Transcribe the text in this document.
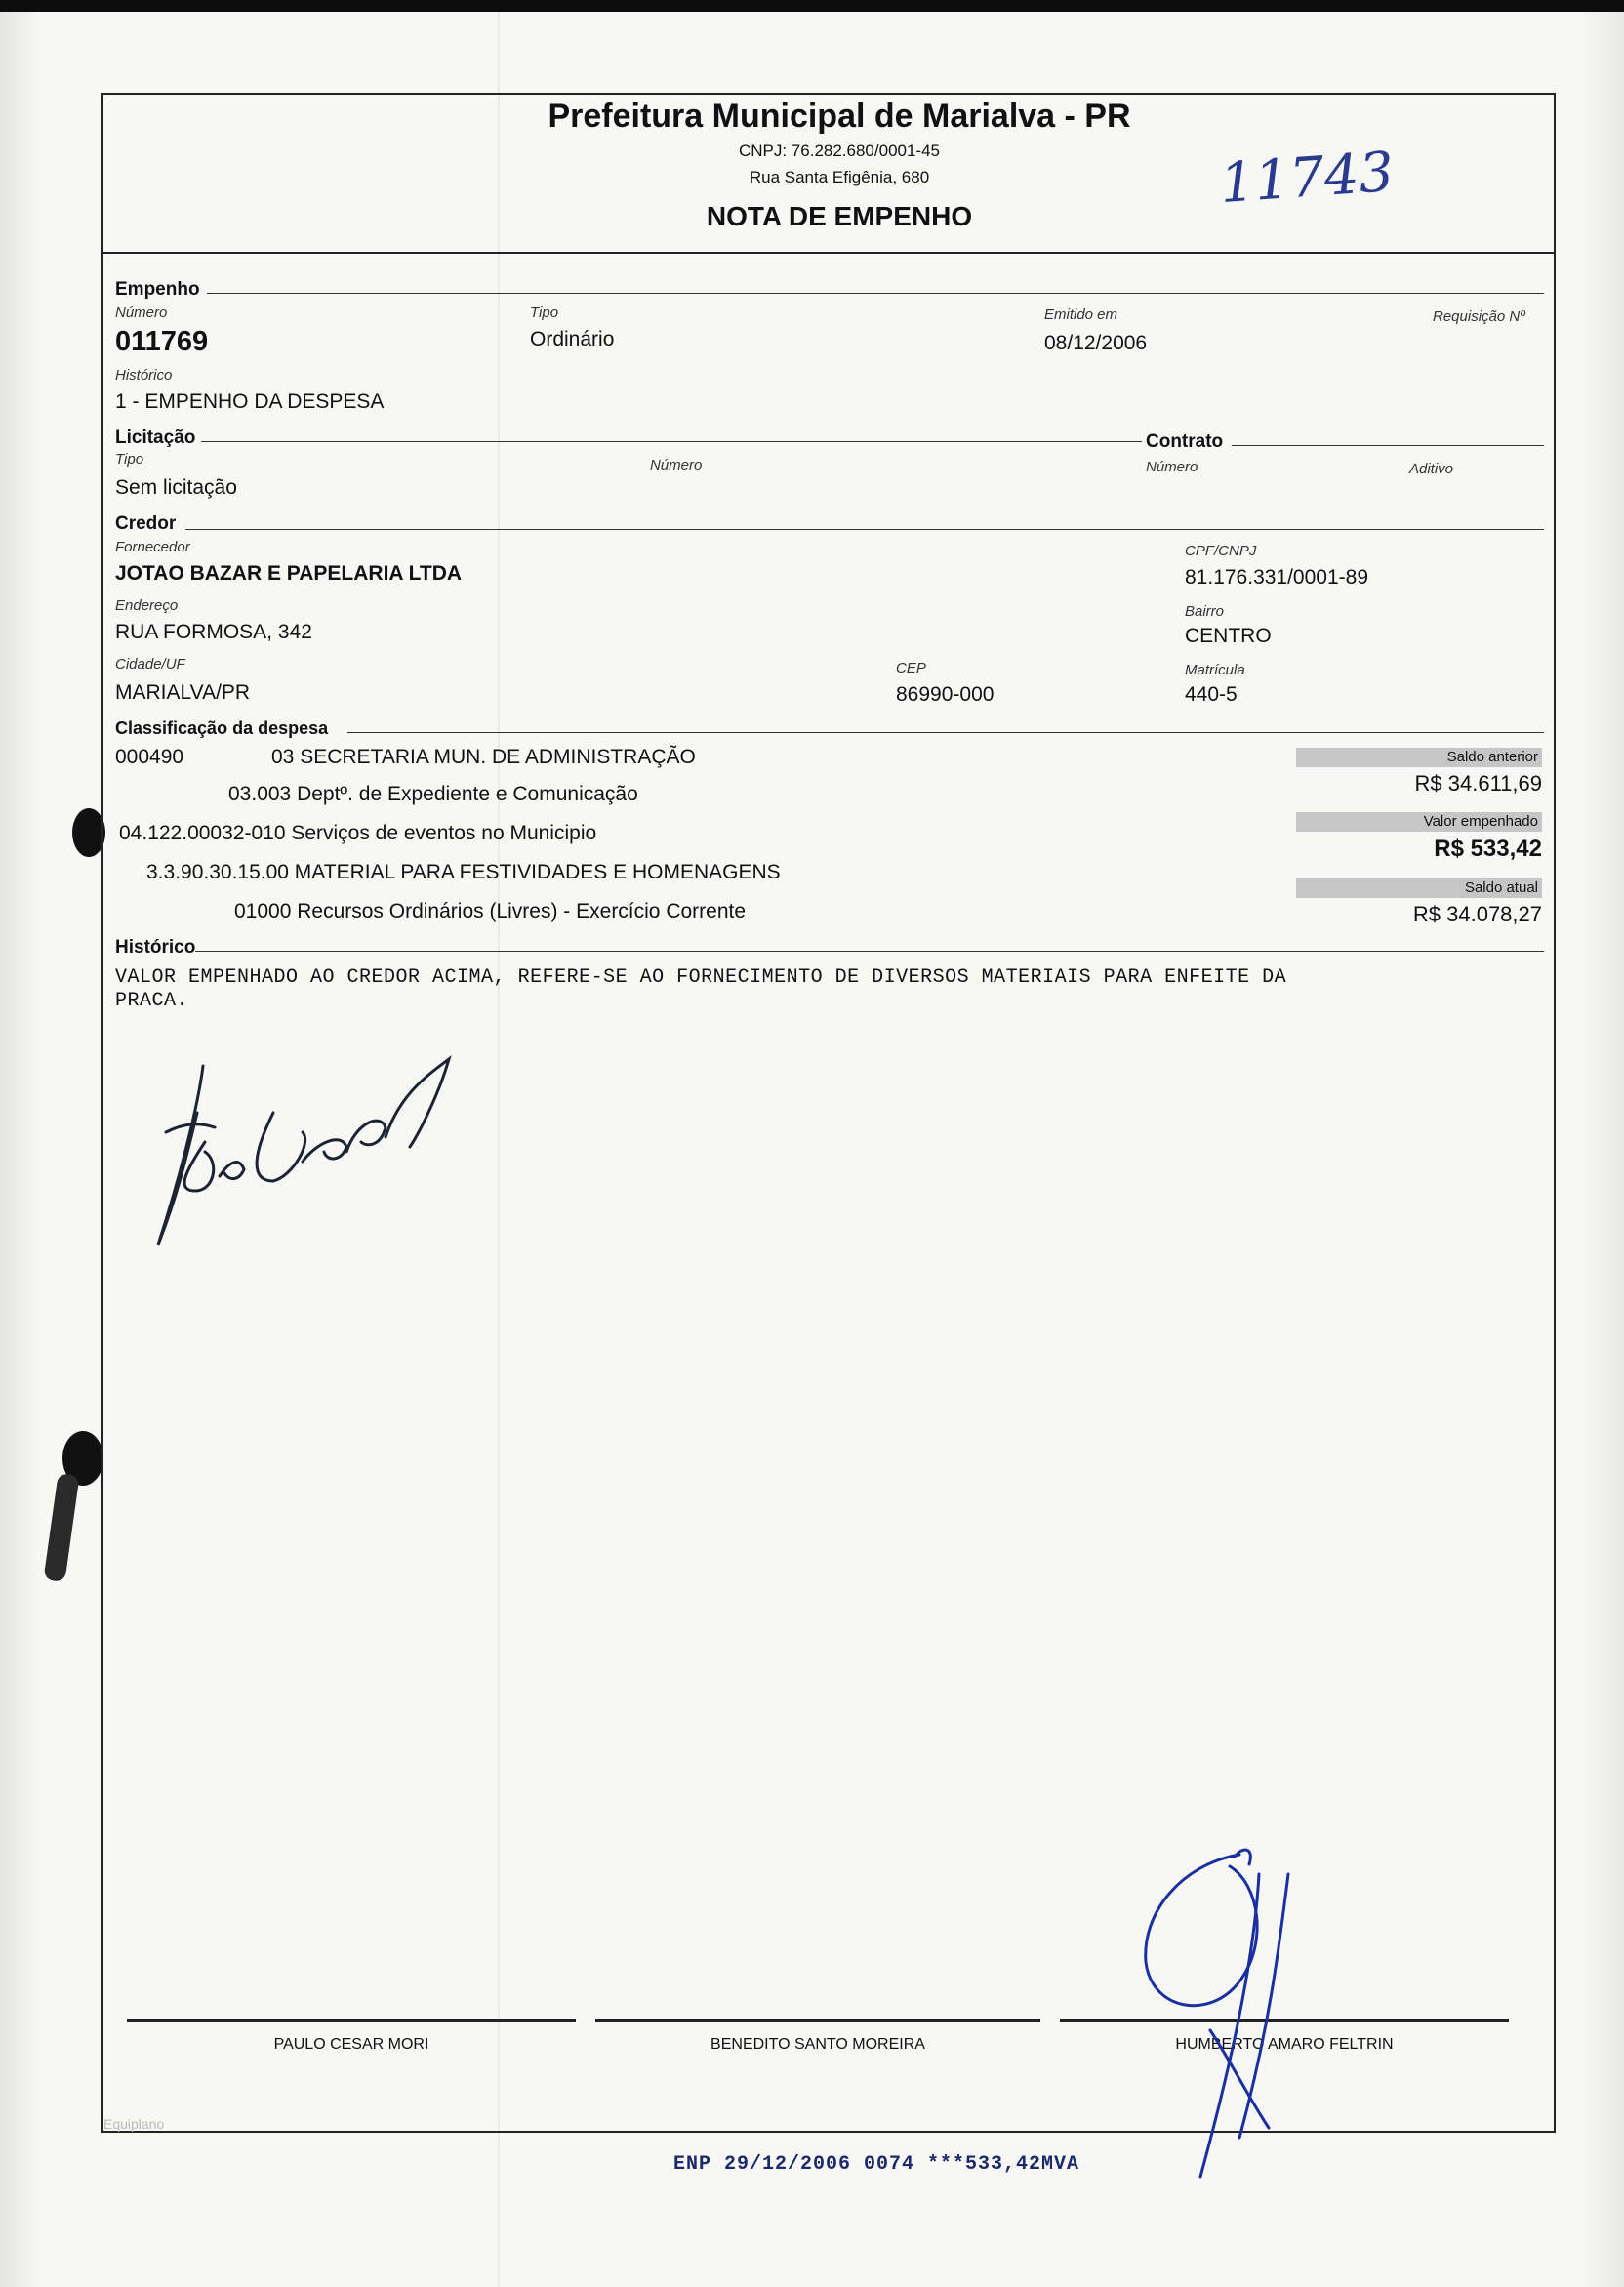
Prefeitura Municipal de Marialva - PR
CNPJ: 76.282.680/0001-45
Rua Santa Efigênia, 680
NOTA DE EMPENHO
11743
Empenho
Número
011769
Tipo
Ordinário
Emitido em
08/12/2006
Requisição Nº
Histórico
1 - EMPENHO DA DESPESA
Licitação	Contrato
Tipo
Sem licitação
Número	Número	Aditivo
Credor
Fornecedor
JOTAO BAZAR E PAPELARIA LTDA
CPF/CNPJ
81.176.331/0001-89
Endereço
RUA FORMOSA, 342
Bairro
CENTRO
Cidade/UF
MARIALVA/PR
CEP
86990-000
Matrícula
440-5
Classificação da despesa
000490	03 SECRETARIA MUN. DE ADMINISTRAÇÃO
03.003 Deptº. de Expediente e Comunicação
04.122.00032-010 Serviços de eventos no Municipio
3.3.90.30.15.00 MATERIAL PARA FESTIVIDADES E HOMENAGENS
01000 Recursos Ordinários (Livres) - Exercício Corrente
Saldo anterior
R$ 34.611,69
Valor empenhado
R$ 533,42
Saldo atual
R$ 34.078,27
Histórico
VALOR EMPENHADO AO CREDOR ACIMA, REFERE-SE AO FORNECIMENTO DE DIVERSOS MATERIAIS PARA ENFEITE DA
PRACA.
PAULO CESAR MORI	BENEDITO SANTO MOREIRA	HUMBERTO AMARO FELTRIN
ENP 29/12/2006 0074 ***533,42MVA
Equiplano
